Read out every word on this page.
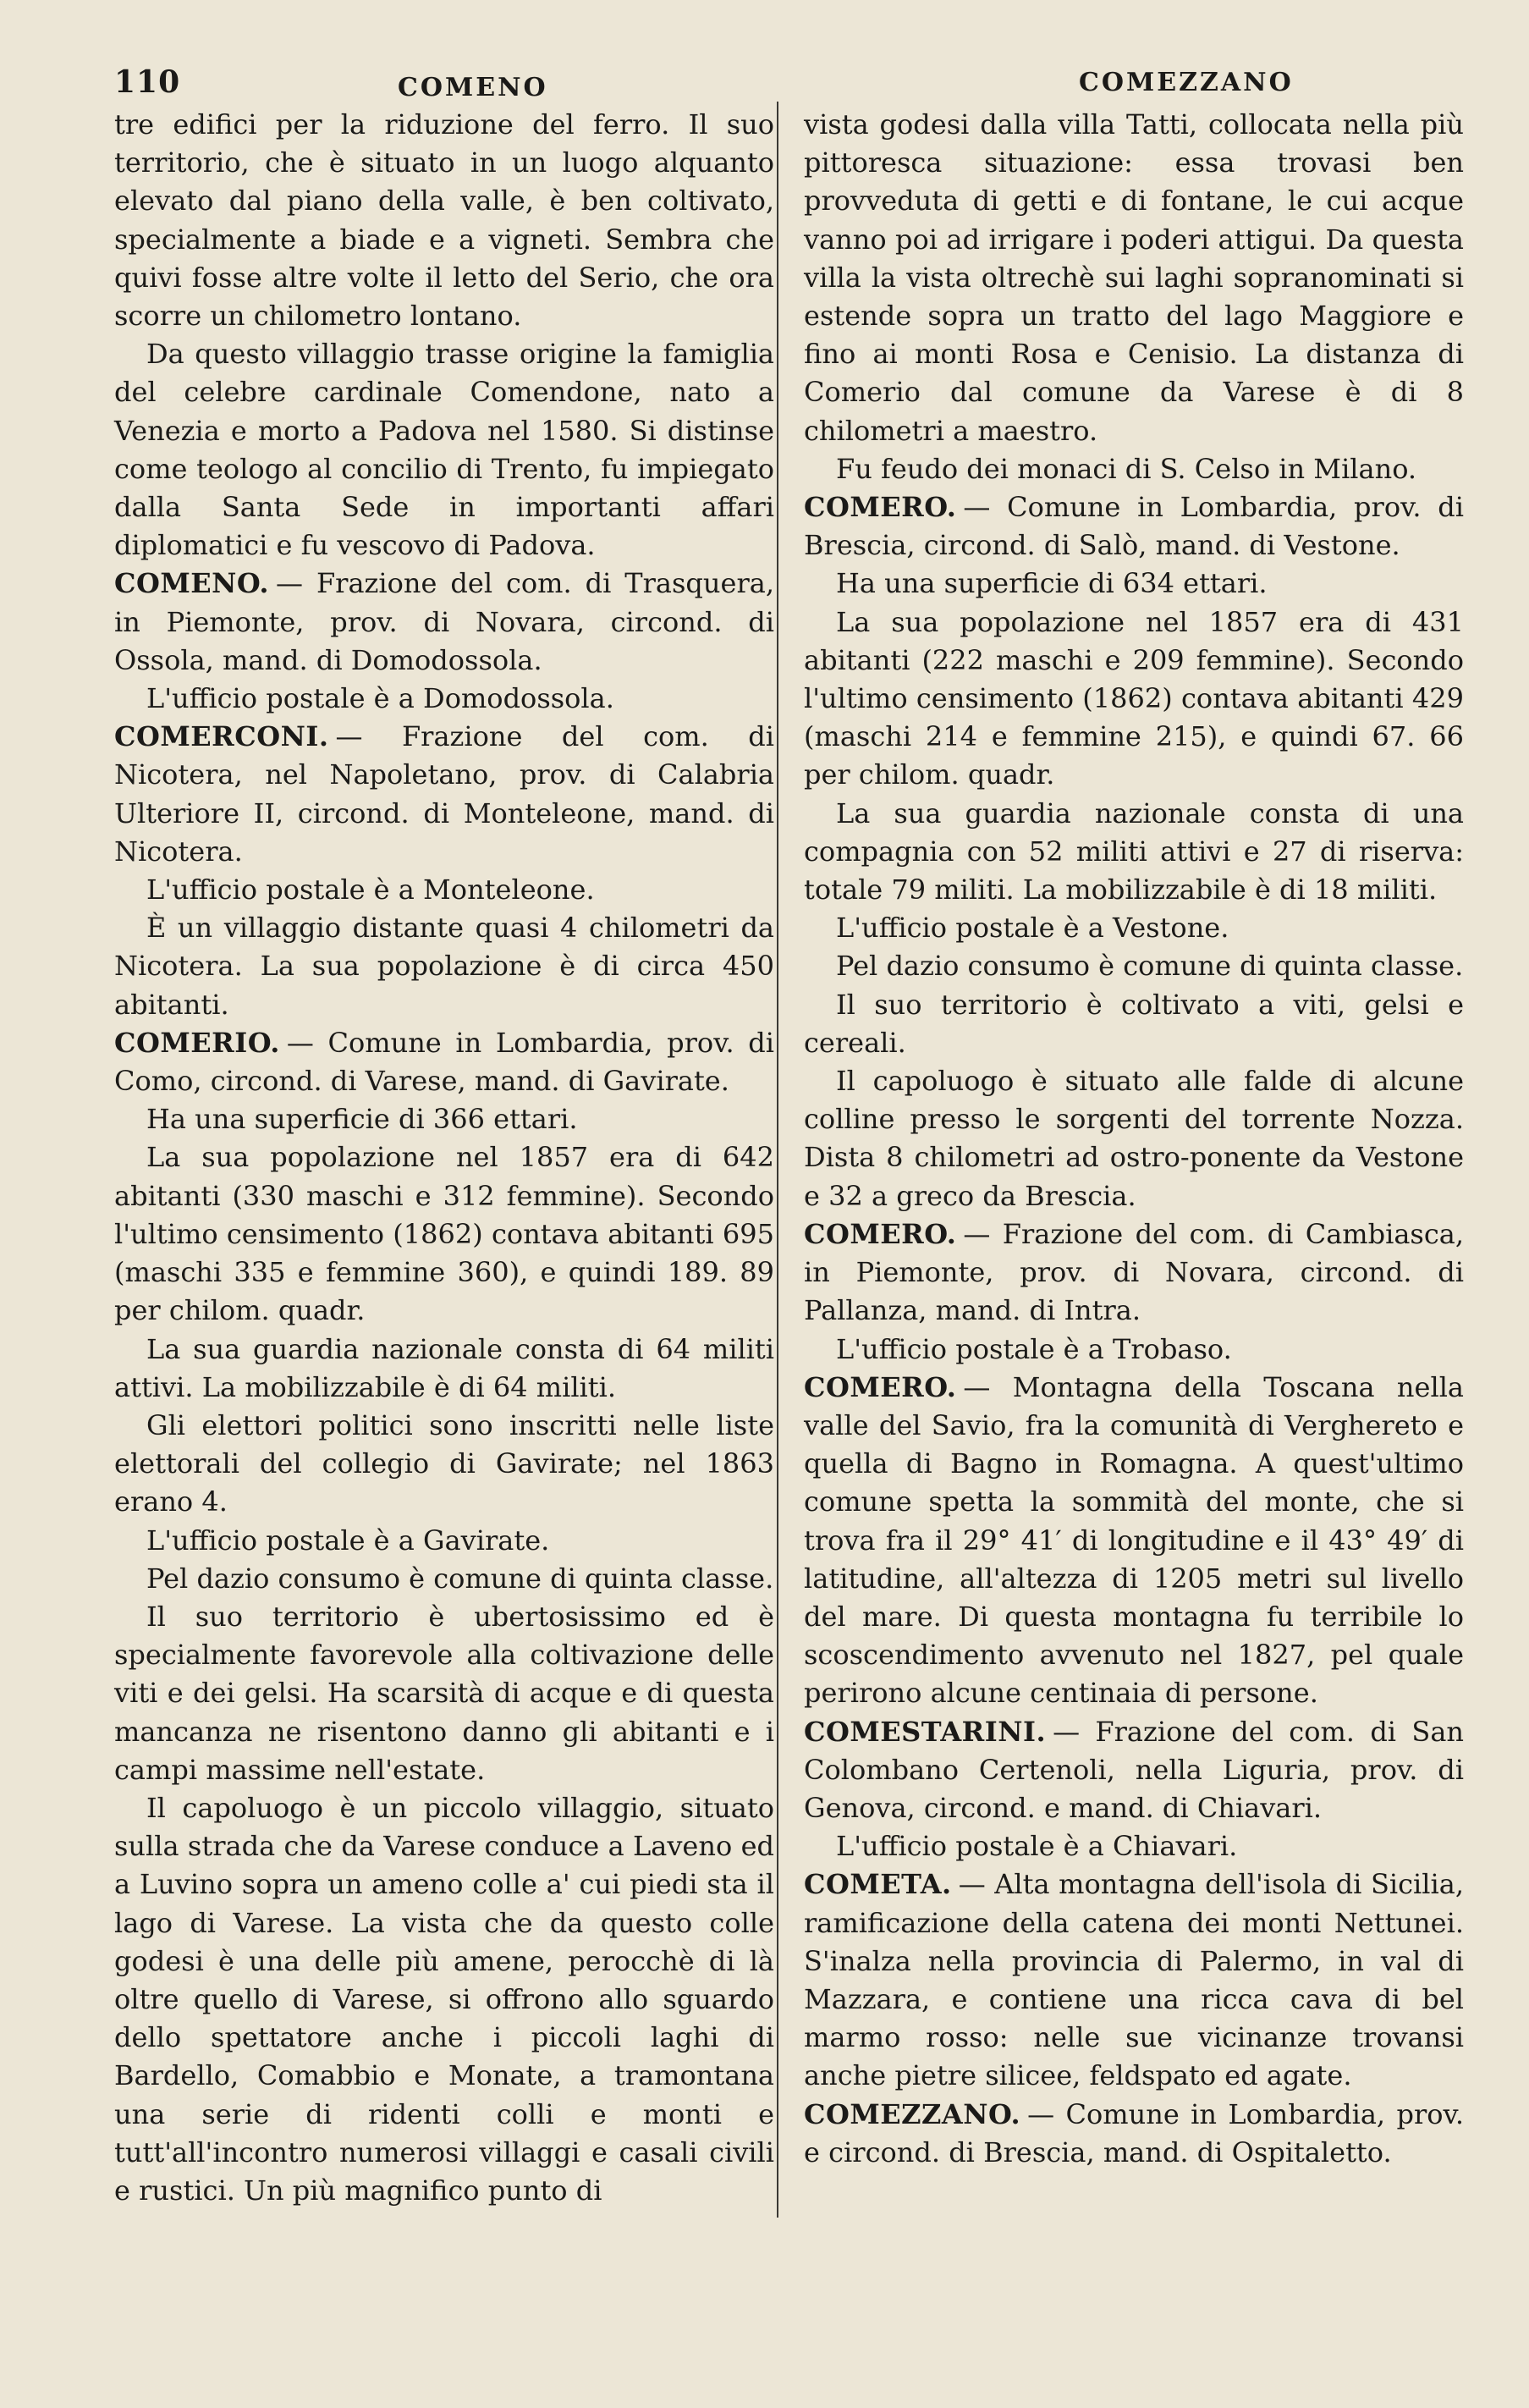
110	COMENO	COMEZZANO

tre edifici per la riduzione del ferro. Il suo territorio, che è situato in un luogo alquanto elevato dal piano della valle, è ben coltivato, specialmente a biade e a vigneti. Sembra che quivi fosse altre volte il letto del Serio, che ora scorre un chilometro lontano.

Da questo villaggio trasse origine la famiglia del celebre cardinale Comendone, nato a Venezia e morto a Padova nel 1580. Si distinse come teologo al concilio di Trento, fu impiegato dalla Santa Sede in importanti affari diplomatici e fu vescovo di Padova.

COMENO. — Frazione del com. di Trasquera, in Piemonte, prov. di Novara, circond. di Ossola, mand. di Domodossola.

L'ufficio postale è a Domodossola.

COMERCONI. — Frazione del com. di Nicotera, nel Napoletano, prov. di Calabria Ulteriore II, circond. di Monteleone, mand. di Nicotera.

L'ufficio postale è a Monteleone.

È un villaggio distante quasi 4 chilometri da Nicotera. La sua popolazione è di circa 450 abitanti.

COMERIO. — Comune in Lombardia, prov. di Como, circond. di Varese, mand. di Gavirate.

Ha una superficie di 366 ettari.

La sua popolazione nel 1857 era di 642 abitanti (330 maschi e 312 femmine). Secondo l'ultimo censimento (1862) contava abitanti 695 (maschi 335 e femmine 360), e quindi 189. 89 per chilom. quadr.

La sua guardia nazionale consta di 64 militi attivi. La mobilizzabile è di 64 militi.

Gli elettori politici sono inscritti nelle liste elettorali del collegio di Gavirate; nel 1863 erano 4.

L'ufficio postale è a Gavirate.

Pel dazio consumo è comune di quinta classe.

Il suo territorio è ubertosissimo ed è specialmente favorevole alla coltivazione delle viti e dei gelsi. Ha scarsità di acque e di questa mancanza ne risentono danno gli abitanti e i campi massime nell'estate.

Il capoluogo è un piccolo villaggio, situato sulla strada che da Varese conduce a Laveno ed a Luvino sopra un ameno colle a' cui piedi sta il lago di Varese. La vista che da questo colle godesi è una delle più amene, perocchè di là oltre quello di Varese, si offrono allo sguardo dello spettatore anche i piccoli laghi di Bardello, Comabbio e Monate, a tramontana una serie di ridenti colli e monti e tutt'all'incontro numerosi villaggi e casali civili e rustici. Un più magnifico punto di

vista godesi dalla villa Tatti, collocata nella più pittoresca situazione: essa trovasi ben provveduta di getti e di fontane, le cui acque vanno poi ad irrigare i poderi attigui. Da questa villa la vista oltrechè sui laghi sopranominati si estende sopra un tratto del lago Maggiore e fino ai monti Rosa e Cenisio. La distanza di Comerio dal comune da Varese è di 8 chilometri a maestro.

Fu feudo dei monaci di S. Celso in Milano.

COMERO. — Comune in Lombardia, prov. di Brescia, circond. di Salò, mand. di Vestone.

Ha una superficie di 634 ettari.

La sua popolazione nel 1857 era di 431 abitanti (222 maschi e 209 femmine). Secondo l'ultimo censimento (1862) contava abitanti 429 (maschi 214 e femmine 215), e quindi 67. 66 per chilom. quadr.

La sua guardia nazionale consta di una compagnia con 52 militi attivi e 27 di riserva: totale 79 militi. La mobilizzabile è di 18 militi.

L'ufficio postale è a Vestone.

Pel dazio consumo è comune di quinta classe.

Il suo territorio è coltivato a viti, gelsi e cereali.

Il capoluogo è situato alle falde di alcune colline presso le sorgenti del torrente Nozza. Dista 8 chilometri ad ostro-ponente da Vestone e 32 a greco da Brescia.

COMERO. — Frazione del com. di Cambiasca, in Piemonte, prov. di Novara, circond. di Pallanza, mand. di Intra.

L'ufficio postale è a Trobaso.

COMERO. — Montagna della Toscana nella valle del Savio, fra la comunità di Verghereto e quella di Bagno in Romagna. A quest'ultimo comune spetta la sommità del monte, che si trova fra il 29° 41′ di longitudine e il 43° 49′ di latitudine, all'altezza di 1205 metri sul livello del mare. Di questa montagna fu terribile lo scoscendimento avvenuto nel 1827, pel quale perirono alcune centinaia di persone.

COMESTARINI. — Frazione del com. di San Colombano Certenoli, nella Liguria, prov. di Genova, circond. e mand. di Chiavari.

L'ufficio postale è a Chiavari.

COMETA. — Alta montagna dell'isola di Sicilia, ramificazione della catena dei monti Nettunei. S'inalza nella provincia di Palermo, in val di Mazzara, e contiene una ricca cava di bel marmo rosso: nelle sue vicinanze trovansi anche pietre silicee, feldspato ed agate.

COMEZZANO. — Comune in Lombardia, prov. e circond. di Brescia, mand. di Ospitaletto.
